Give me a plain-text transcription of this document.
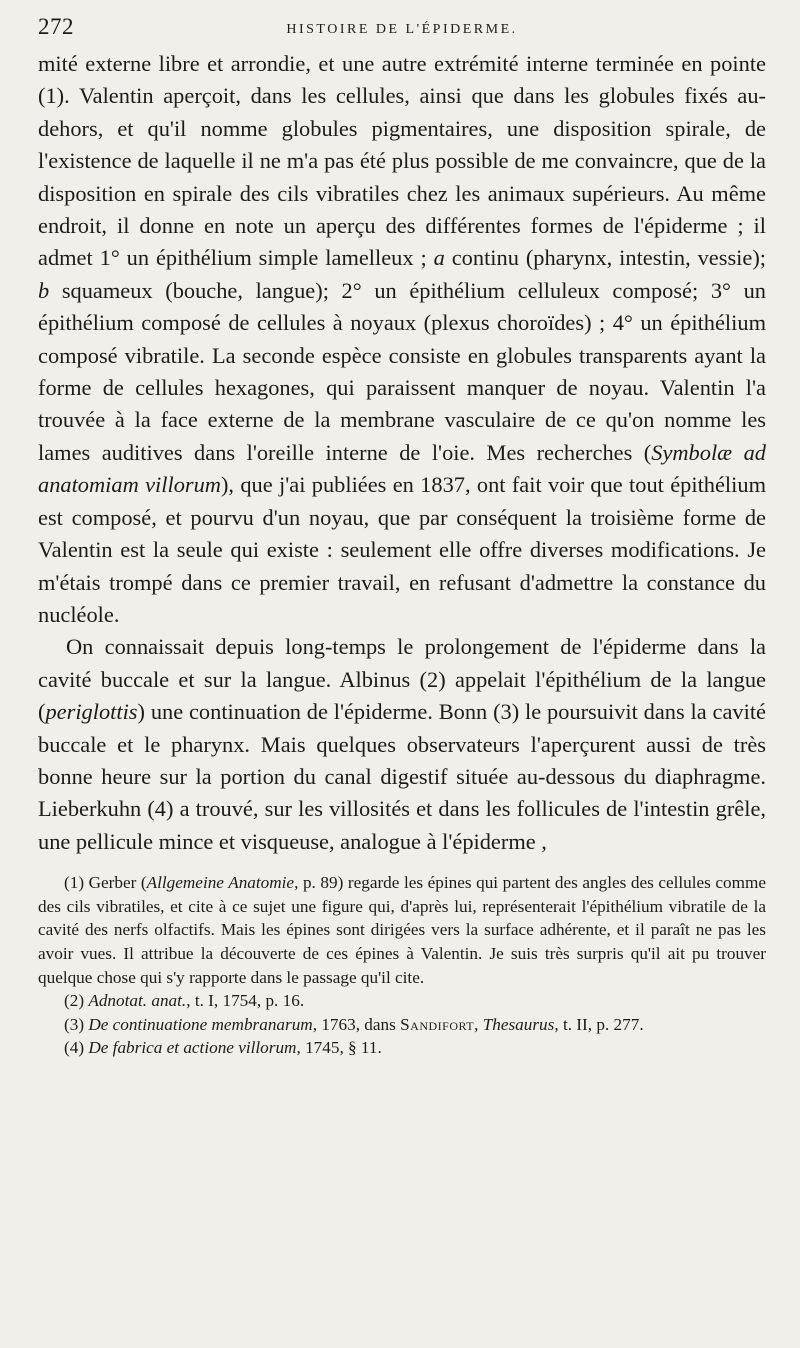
272	HISTOIRE DE L'ÉPIDERME.

mité externe libre et arrondie, et une autre extrémité interne terminée en pointe (1). Valentin aperçoit, dans les cellules, ainsi que dans les globules fixés au-dehors, et qu'il nomme globules pigmentaires, une disposition spirale, de l'existence de laquelle il ne m'a pas été plus possible de me convaincre, que de la disposition en spirale des cils vibratiles chez les animaux supérieurs. Au même endroit, il donne en note un aperçu des différentes formes de l'épiderme ; il admet 1° un épithélium simple lamelleux ; a continu (pharynx, intestin, vessie); b squameux (bouche, langue); 2° un épithélium celluleux composé; 3° un épithélium composé de cellules à noyaux (plexus choroïdes) ; 4° un épithélium composé vibratile. La seconde espèce consiste en globules transparents ayant la forme de cellules hexagones, qui paraissent manquer de noyau. Valentin l'a trouvée à la face externe de la membrane vasculaire de ce qu'on nomme les lames auditives dans l'oreille interne de l'oie. Mes recherches (Symbolæ ad anatomiam villorum), que j'ai publiées en 1837, ont fait voir que tout épithélium est composé, et pourvu d'un noyau, que par conséquent la troisième forme de Valentin est la seule qui existe : seulement elle offre diverses modifications. Je m'étais trompé dans ce premier travail, en refusant d'admettre la constance du nucléole.

On connaissait depuis long-temps le prolongement de l'épiderme dans la cavité buccale et sur la langue. Albinus (2) appelait l'épithélium de la langue (periglottis) une continuation de l'épiderme. Bonn (3) le poursuivit dans la cavité buccale et le pharynx. Mais quelques observateurs l'aperçurent aussi de très bonne heure sur la portion du canal digestif située au-dessous du diaphragme. Lieberkuhn (4) a trouvé, sur les villosités et dans les follicules de l'intestin grêle, une pellicule mince et visqueuse, analogue à l'épiderme ,

(1) Gerber (Allgemeine Anatomie, p. 89) regarde les épines qui partent des angles des cellules comme des cils vibratiles, et cite à ce sujet une figure qui, d'après lui, représenterait l'épithélium vibratile de la cavité des nerfs olfactifs. Mais les épines sont dirigées vers la surface adhérente, et il paraît ne pas les avoir vues. Il attribue la découverte de ces épines à Valentin. Je suis très surpris qu'il ait pu trouver quelque chose qui s'y rapporte dans le passage qu'il cite.

(2) Adnotat. anat., t. I, 1754, p. 16.

(3) De continuatione membranarum, 1763, dans Sandifort, Thesaurus, t. II, p. 277.

(4) De fabrica et actione villorum, 1745, § 11.
